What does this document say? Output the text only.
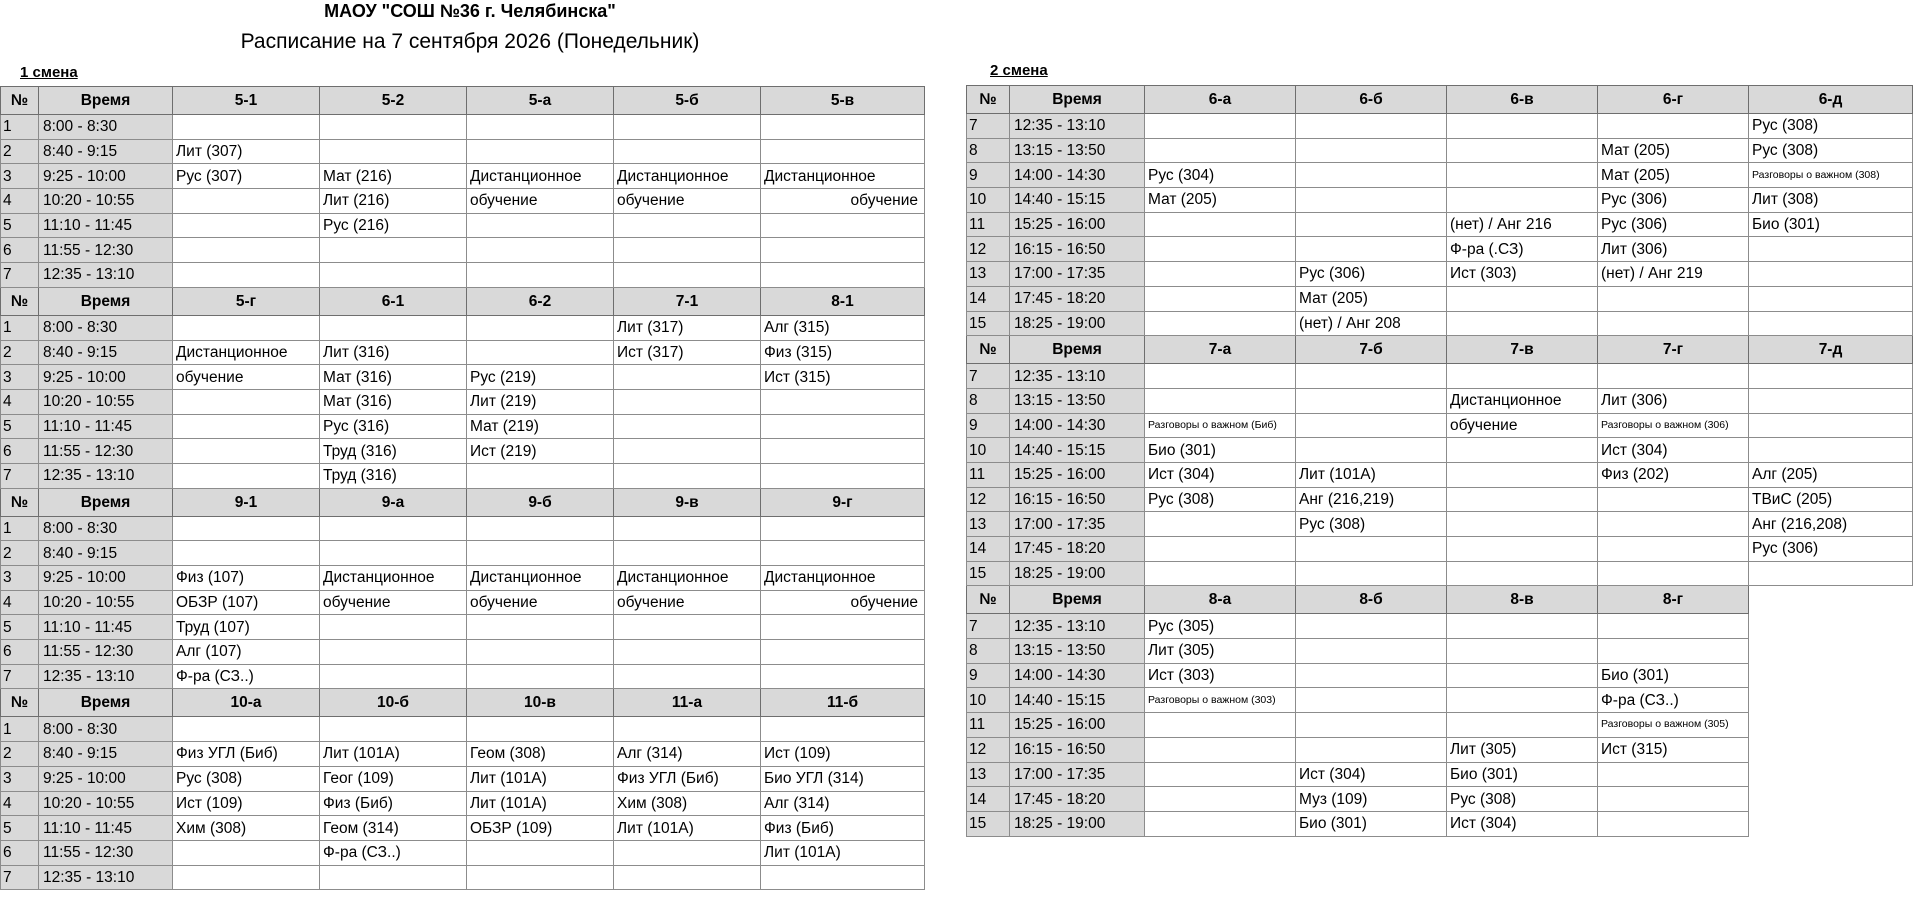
МАОУ "СОШ №36 г. Челябинска"
Расписание на 7 сентября 2026 (Понедельник)
1 смена	2 смена
№	Время	5-1	5-2	5-а	5-б	5-в
1	8:00 - 8:30					
2	8:40 - 9:15	Лит (307)				
3	9:25 - 10:00	Рус (307)	Мат (216)	Дистанционное	Дистанционное	Дистанционное
4	10:20 - 10:55		Лит (216)	обучение	обучение	обучение
5	11:10 - 11:45		Рус (216)			
6	11:55 - 12:30					
7	12:35 - 13:10					
№	Время	5-г	6-1	6-2	7-1	8-1
1	8:00 - 8:30				Лит (317)	Алг (315)
2	8:40 - 9:15	Дистанционное	Лит (316)		Ист (317)	Физ (315)
3	9:25 - 10:00	обучение	Мат (316)	Рус (219)		Ист (315)
4	10:20 - 10:55		Мат (316)	Лит (219)		
5	11:10 - 11:45		Рус (316)	Мат (219)		
6	11:55 - 12:30		Труд (316)	Ист (219)		
7	12:35 - 13:10		Труд (316)			
№	Время	9-1	9-а	9-б	9-в	9-г
1	8:00 - 8:30					
2	8:40 - 9:15					
3	9:25 - 10:00	Физ (107)	Дистанционное	Дистанционное	Дистанционное	Дистанционное
4	10:20 - 10:55	ОБЗР (107)	обучение	обучение	обучение	обучение
5	11:10 - 11:45	Труд (107)				
6	11:55 - 12:30	Алг (107)				
7	12:35 - 13:10	Ф-ра (СЗ..)				
№	Время	10-а	10-б	10-в	11-а	11-б
1	8:00 - 8:30					
2	8:40 - 9:15	Физ УГЛ (Биб)	Лит (101А)	Геом (308)	Алг (314)	Ист (109)
3	9:25 - 10:00	Рус (308)	Геог (109)	Лит (101А)	Физ УГЛ (Биб)	Био УГЛ (314)
4	10:20 - 10:55	Ист (109)	Физ (Биб)	Лит (101А)	Хим (308)	Алг (314)
5	11:10 - 11:45	Хим (308)	Геом (314)	ОБЗР (109)	Лит (101А)	Физ (Биб)
6	11:55 - 12:30		Ф-ра (СЗ..)			Лит (101А)
7	12:35 - 13:10					
№	Время	6-а	6-б	6-в	6-г	6-д
7	12:35 - 13:10					Рус (308)
8	13:15 - 13:50				Мат (205)	Рус (308)
9	14:00 - 14:30	Рус (304)			Мат (205)	Разговоры о важном (308)
10	14:40 - 15:15	Мат (205)			Рус (306)	Лит (308)
11	15:25 - 16:00			(нет) / Анг 216	Рус (306)	Био (301)
12	16:15 - 16:50			Ф-ра (.СЗ)	Лит (306)	
13	17:00 - 17:35		Рус (306)	Ист (303)	(нет) / Анг 219	
14	17:45 - 18:20		Мат (205)			
15	18:25 - 19:00		(нет) / Анг 208			
№	Время	7-а	7-б	7-в	7-г	7-д
7	12:35 - 13:10					
8	13:15 - 13:50			Дистанционное	Лит (306)	
9	14:00 - 14:30	Разговоры о важном (Биб)		обучение	Разговоры о важном (306)	
10	14:40 - 15:15	Био (301)			Ист (304)	
11	15:25 - 16:00	Ист (304)	Лит (101А)		Физ (202)	Алг (205)
12	16:15 - 16:50	Рус (308)	Анг (216,219)			ТВиС (205)
13	17:00 - 17:35		Рус (308)			Анг (216,208)
14	17:45 - 18:20					Рус (306)
15	18:25 - 19:00					
№	Время	8-а	8-б	8-в	8-г	
7	12:35 - 13:10	Рус (305)				
8	13:15 - 13:50	Лит (305)				
9	14:00 - 14:30	Ист (303)			Био (301)	
10	14:40 - 15:15	Разговоры о важном (303)			Ф-ра (СЗ..)	
11	15:25 - 16:00				Разговоры о важном (305)	
12	16:15 - 16:50			Лит (305)	Ист (315)	
13	17:00 - 17:35		Ист (304)	Био (301)		
14	17:45 - 18:20		Муз (109)	Рус (308)		
15	18:25 - 19:00		Био (301)	Ист (304)		
